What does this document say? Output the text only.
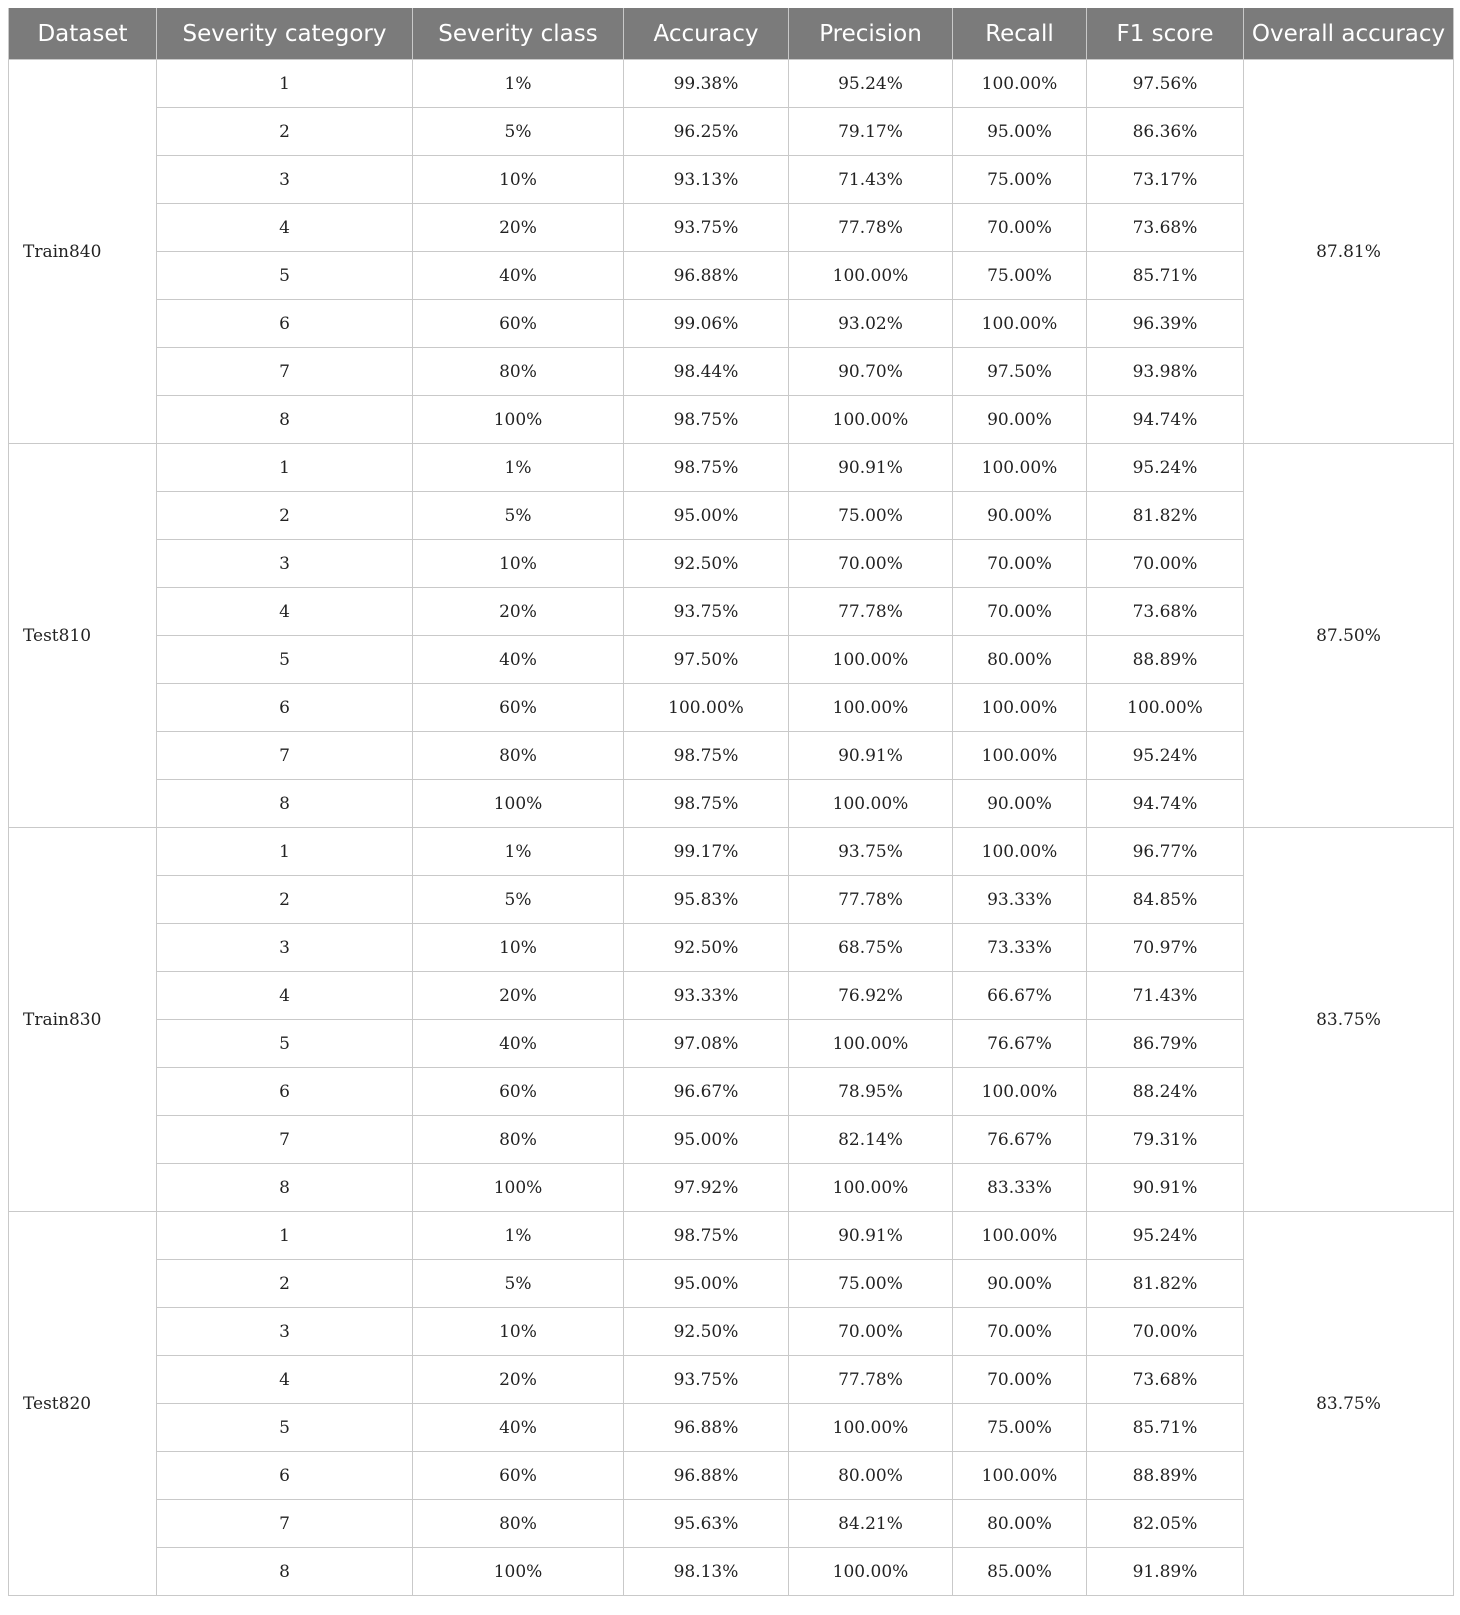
Dataset	Severity category	Severity class	Accuracy	Precision	Recall	F1 score	Overall accuracy
Train840	1	1%	99.38%	95.24%	100.00%	97.56%	87.81%
	2	5%	96.25%	79.17%	95.00%	86.36%	
	3	10%	93.13%	71.43%	75.00%	73.17%	
	4	20%	93.75%	77.78%	70.00%	73.68%	
	5	40%	96.88%	100.00%	75.00%	85.71%	
	6	60%	99.06%	93.02%	100.00%	96.39%	
	7	80%	98.44%	90.70%	97.50%	93.98%	
	8	100%	98.75%	100.00%	90.00%	94.74%	
Test810	1	1%	98.75%	90.91%	100.00%	95.24%	87.50%
	2	5%	95.00%	75.00%	90.00%	81.82%	
	3	10%	92.50%	70.00%	70.00%	70.00%	
	4	20%	93.75%	77.78%	70.00%	73.68%	
	5	40%	97.50%	100.00%	80.00%	88.89%	
	6	60%	100.00%	100.00%	100.00%	100.00%	
	7	80%	98.75%	90.91%	100.00%	95.24%	
	8	100%	98.75%	100.00%	90.00%	94.74%	
Train830	1	1%	99.17%	93.75%	100.00%	96.77%	83.75%
	2	5%	95.83%	77.78%	93.33%	84.85%	
	3	10%	92.50%	68.75%	73.33%	70.97%	
	4	20%	93.33%	76.92%	66.67%	71.43%	
	5	40%	97.08%	100.00%	76.67%	86.79%	
	6	60%	96.67%	78.95%	100.00%	88.24%	
	7	80%	95.00%	82.14%	76.67%	79.31%	
	8	100%	97.92%	100.00%	83.33%	90.91%	
Test820	1	1%	98.75%	90.91%	100.00%	95.24%	83.75%
	2	5%	95.00%	75.00%	90.00%	81.82%	
	3	10%	92.50%	70.00%	70.00%	70.00%	
	4	20%	93.75%	77.78%	70.00%	73.68%	
	5	40%	96.88%	100.00%	75.00%	85.71%	
	6	60%	96.88%	80.00%	100.00%	88.89%	
	7	80%	95.63%	84.21%	80.00%	82.05%	
	8	100%	98.13%	100.00%	85.00%	91.89%	
